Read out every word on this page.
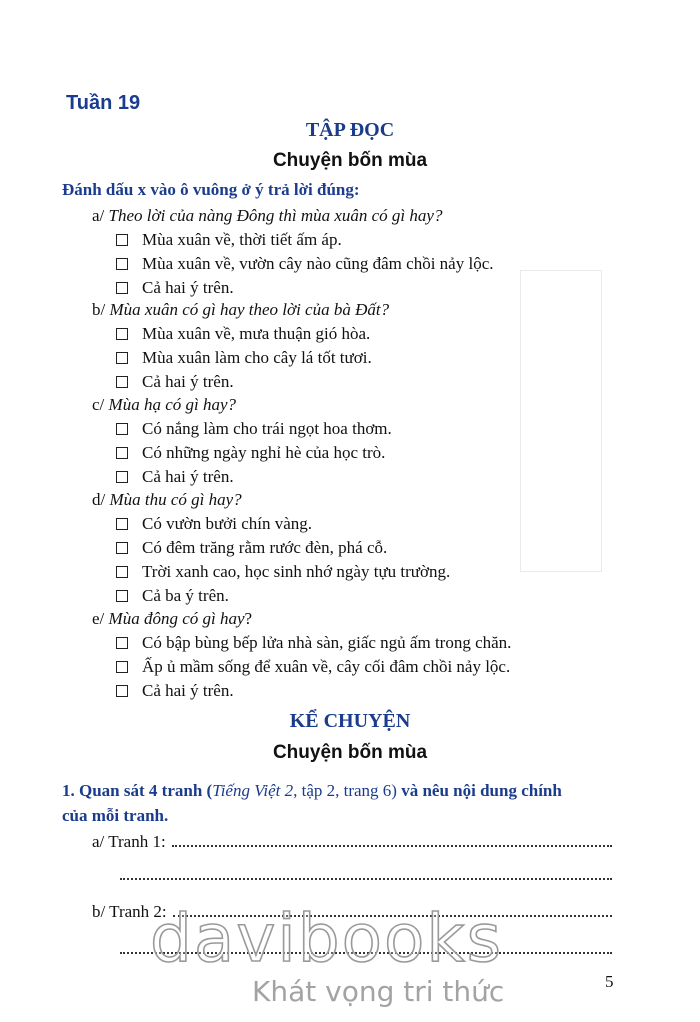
Tuần 19
TẬP ĐỌC
Chuyện bốn mùa
Đánh dấu x vào ô vuông ở ý trả lời đúng:
a/ Theo lời của nàng Đông thì mùa xuân có gì hay?
Mùa xuân về, thời tiết ấm áp.
Mùa xuân về, vườn cây nào cũng đâm chồi nảy lộc.
Cả hai ý trên.
b/ Mùa xuân có gì hay theo lời của bà Đất?
Mùa xuân về, mưa thuận gió hòa.
Mùa xuân làm cho cây lá tốt tươi.
Cả hai ý trên.
c/ Mùa hạ có gì hay?
Có nắng làm cho trái ngọt hoa thơm.
Có những ngày nghỉ hè của học trò.
Cả hai ý trên.
d/ Mùa thu có gì hay?
Có vườn bưởi chín vàng.
Có đêm trăng rằm rước đèn, phá cỗ.
Trời xanh cao, học sinh nhớ ngày tựu trường.
Cả ba ý trên.
e/ Mùa đông có gì hay?
Có bập bùng bếp lửa nhà sàn, giấc ngủ ấm trong chăn.
Ấp ủ mầm sống để xuân về, cây cối đâm chồi nảy lộc.
Cả hai ý trên.
KỂ CHUYỆN
Chuyện bốn mùa
1. Quan sát 4 tranh (Tiếng Việt 2, tập 2, trang 6) và nêu nội dung chính
của mỗi tranh.
a/ Tranh 1:
b/ Tranh 2:
davibooks
Khát vọng tri thức	5
